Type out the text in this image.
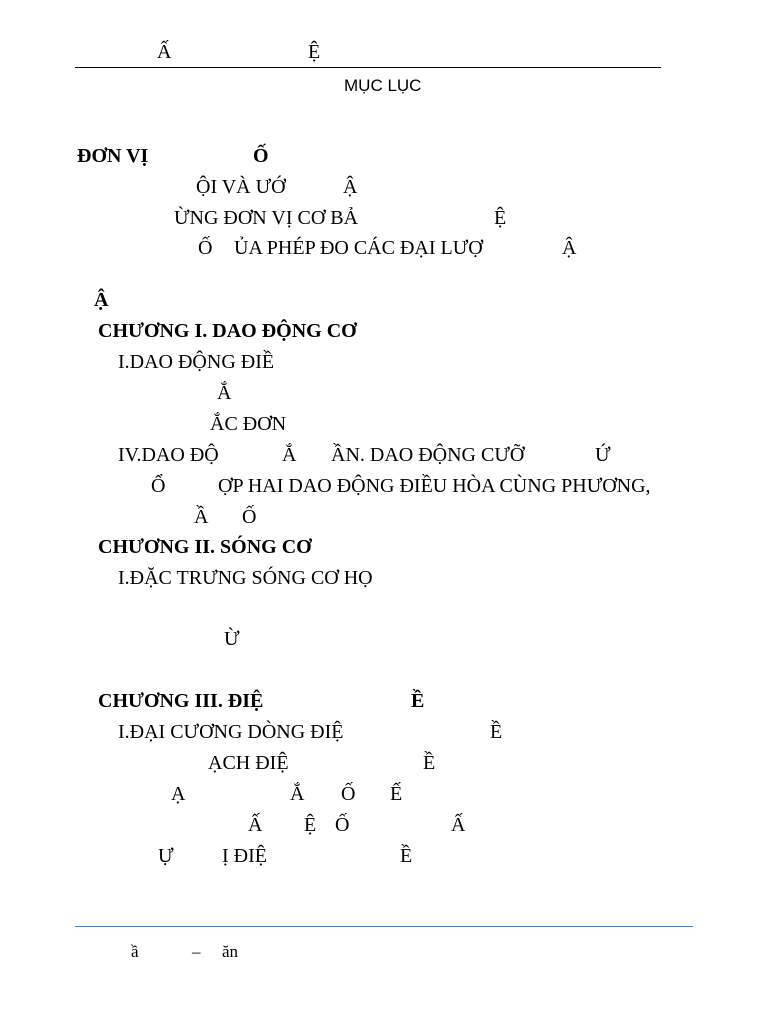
Ấ	Ệ
MỤC LỤC
ĐƠN VỊ	Ố
ỘI VÀ ƯỚ	Ậ
ỪNG ĐƠN VỊ CƠ BẢ	Ệ
Ố ỦA PHÉP ĐO CÁC ĐẠI LƯỢ	Ậ
Ậ
CHƯƠNG I. DAO ĐỘNG CƠ
I.DAO ĐỘNG ĐIỀ
Ắ
ẮC ĐƠN
IV.DAO ĐỘ	Ắ ẦN. DAO ĐỘNG CƯỠ	Ứ
Ổ	ỢP HAI DAO ĐỘNG ĐIỀU HÒA CÙNG PHƯƠNG,
Ầ Ố
CHƯƠNG II. SÓNG CƠ
I.ĐẶC TRƯNG SÓNG CƠ HỌ
Ừ
CHƯƠNG III. ĐIỆ	Ề
I.ĐẠI CƯƠNG DÒNG ĐIỆ	Ề
ẠCH ĐIỆ	Ề
Ạ	Ắ Ố Ế
Ấ Ệ Ố	Ấ
Ự Ị ĐIỆ	Ề
ầ	– ăn
